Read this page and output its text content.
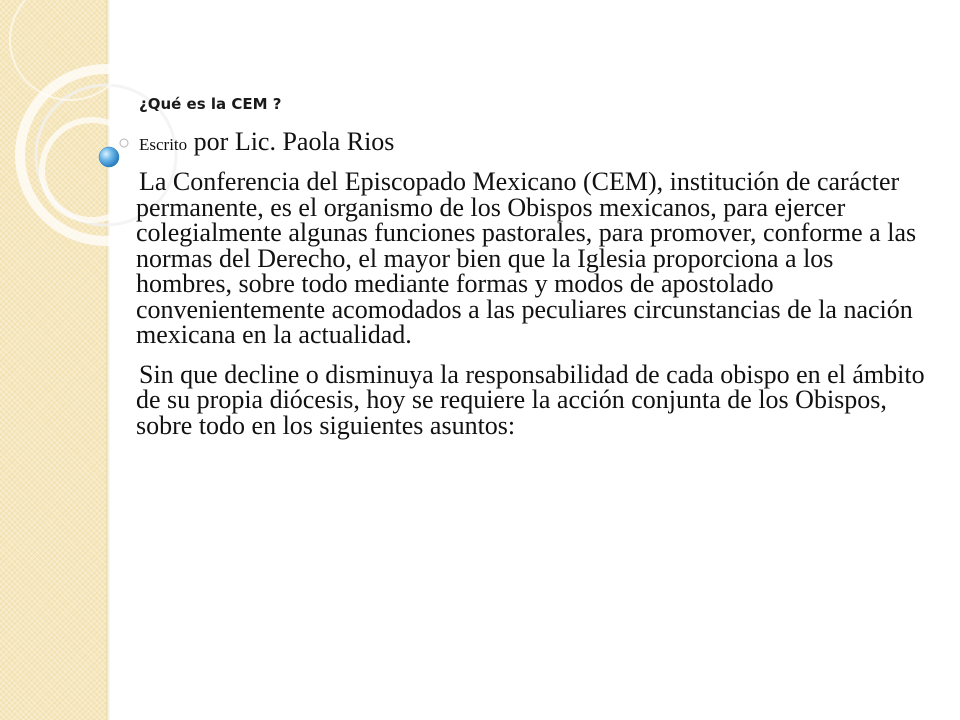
¿Qué es la CEM ?
Escrito por Lic. Paola Rios

La Conferencia del Episcopado Mexicano (CEM), institución de carácter permanente, es el organismo de los Obispos mexicanos, para ejercer colegialmente algunas funciones pastorales, para promover, conforme a las normas del Derecho, el mayor bien que la Iglesia proporciona a los hombres, sobre todo mediante formas y modos de apostolado convenientemente acomodados a las peculiares circunstancias de la nación mexicana en la actualidad.

Sin que decline o disminuya la responsabilidad de cada obispo en el ámbito de su propia diócesis, hoy se requiere la acción conjunta de los Obispos, sobre todo en los siguientes asuntos:
